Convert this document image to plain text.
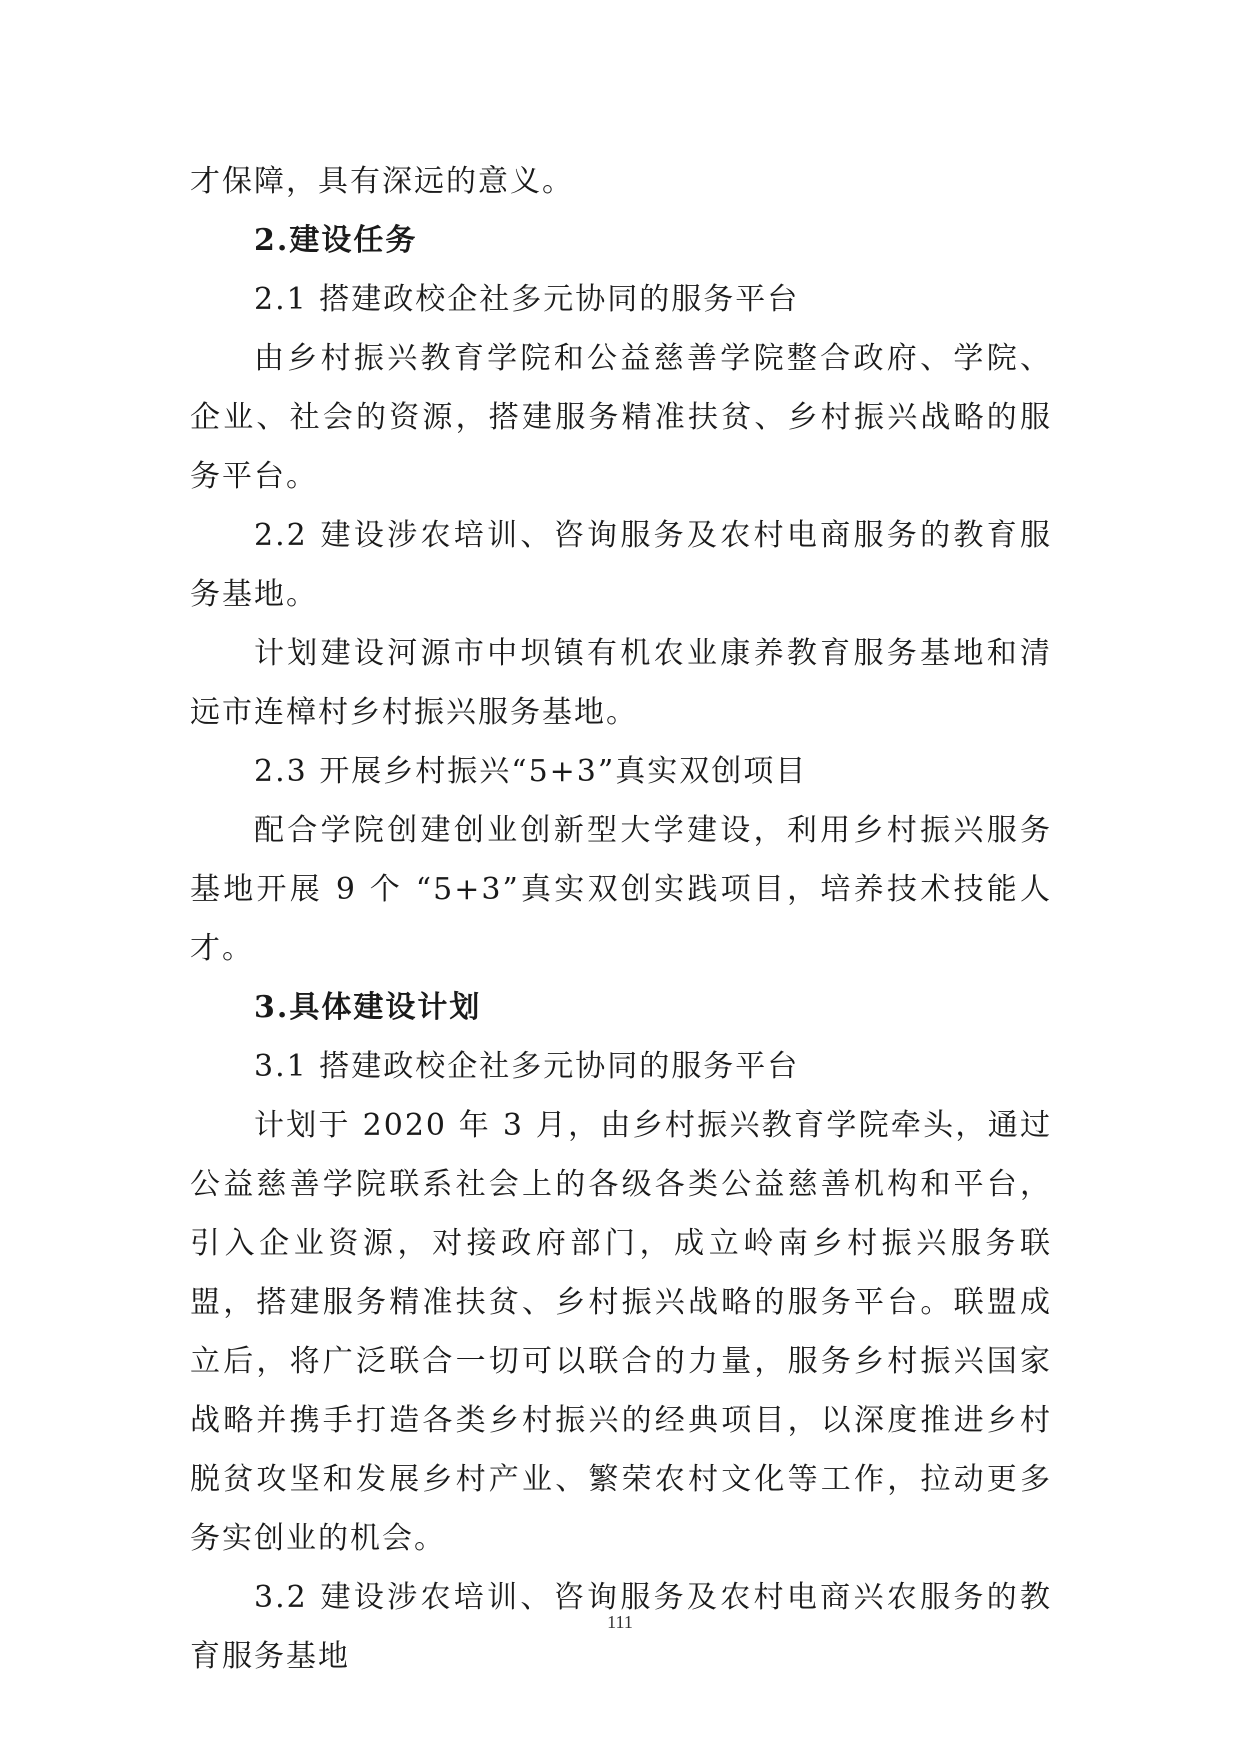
才保障，具有深远的意义。

2.建设任务

2.1 搭建政校企社多元协同的服务平台

由乡村振兴教育学院和公益慈善学院整合政府、学院、企业、社会的资源，搭建服务精准扶贫、乡村振兴战略的服务平台。

2.2 建设涉农培训、咨询服务及农村电商服务的教育服务基地。

计划建设河源市中坝镇有机农业康养教育服务基地和清远市连樟村乡村振兴服务基地。

2.3 开展乡村振兴“5+3”真实双创项目

配合学院创建创业创新型大学建设，利用乡村振兴服务基地开展 9 个 “5+3”真实双创实践项目，培养技术技能人才。

3.具体建设计划

3.1 搭建政校企社多元协同的服务平台

计划于 2020 年 3 月，由乡村振兴教育学院牵头，通过公益慈善学院联系社会上的各级各类公益慈善机构和平台，引入企业资源，对接政府部门，成立岭南乡村振兴服务联盟，搭建服务精准扶贫、乡村振兴战略的服务平台。联盟成立后，将广泛联合一切可以联合的力量，服务乡村振兴国家战略并携手打造各类乡村振兴的经典项目，以深度推进乡村脱贫攻坚和发展乡村产业、繁荣农村文化等工作，拉动更多务实创业的机会。

3.2 建设涉农培训、咨询服务及农村电商兴农服务的教育服务基地

111
